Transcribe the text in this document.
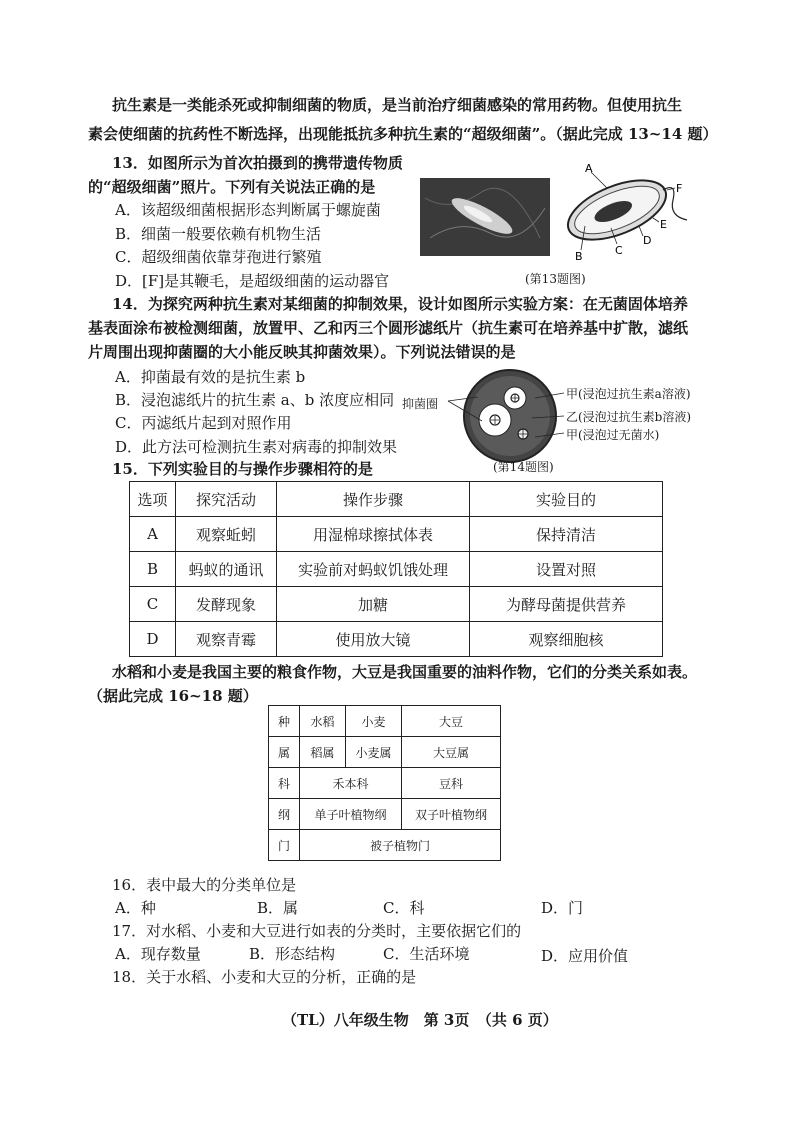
抗生素是一类能杀死或抑制细菌的物质，是当前治疗细菌感染的常用药物。但使用抗生
素会使细菌的抗药性不断选择，出现能抵抗多种抗生素的“超级细菌”。（据此完成 13~14 题）
13．如图所示为首次拍摄到的携带遗传物质
的“超级细菌”照片。下列有关说法正确的是
A．该超级细菌根据形态判断属于螺旋菌
B．细菌一般要依赖有机物生活
C．超级细菌依靠芽孢进行繁殖
D．[F]是其鞭毛，是超级细菌的运动器官
A
F
E
D
C
B
(第13题图)
14．为探究两种抗生素对某细菌的抑制效果，设计如图所示实验方案：在无菌固体培养
基表面涂布被检测细菌，放置甲、乙和丙三个圆形滤纸片（抗生素可在培养基中扩散，滤纸
片周围出现抑菌圈的大小能反映其抑菌效果）。下列说法错误的是
A．抑菌最有效的是抗生素 b
B．浸泡滤纸片的抗生素 a、b 浓度应相同
C．丙滤纸片起到对照作用
D．此方法可检测抗生素对病毒的抑制效果
抑菌圈
甲(浸泡过抗生素a溶液)
乙(浸泡过抗生素b溶液)
甲(浸泡过无菌水)
(第14题图)
15．下列实验目的与操作步骤相符的是
选项	探究活动	操作步骤	实验目的
A	观察蚯蚓	用湿棉球擦拭体表	保持清洁
B	蚂蚁的通讯	实验前对蚂蚁饥饿处理	设置对照
C	发酵现象	加糖	为酵母菌提供营养
D	观察青霉	使用放大镜	观察细胞核
水稻和小麦是我国主要的粮食作物，大豆是我国重要的油料作物，它们的分类关系如表。
（据此完成 16~18 题）
种	水稻	小麦	大豆
属	稻属	小麦属	大豆属
科	禾本科		豆科
纲	单子叶植物纲		双子叶植物纲
门	被子植物门		
16．表中最大的分类单位是
A．种	B．属	C．科	D．门
17．对水稻、小麦和大豆进行如表的分类时，主要依据它们的
A．现存数量	B．形态结构	C．生活环境	D．应用价值
18．关于水稻、小麦和大豆的分析，正确的是
（TL）八年级生物　第 3页　（共 6 页）
